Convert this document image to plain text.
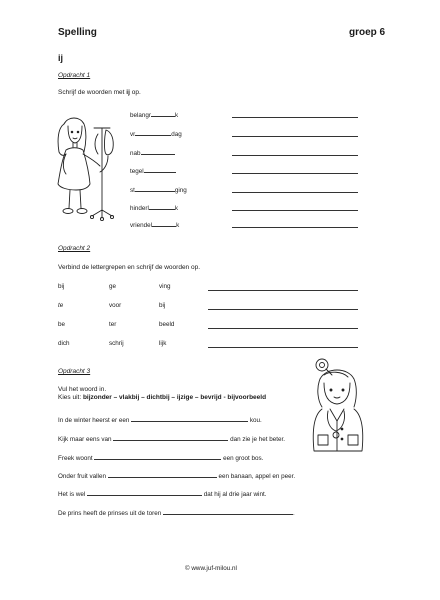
Spelling	groep 6
ij
Opdracht 1
Schrijf de woorden met ij op.
belangr	k
vr	dag
nab
tegel
st	ging
hinderl	k
vriendel	k
Opdracht 2
Verbind de lettergrepen en schrijf de woorden op.
bij	ge	ving
te	voor	bij
be	ter	beeld
dich	schrij	lijk
Opdracht 3
Vul het woord in.
Kies uit: bijzonder – vlakbij – dichtbij – ijzige – bevrijd - bijvoorbeeld
In de winter heerst er een	kou.
Kijk maar eens van	dan zie je het beter.
Freek woont	een groot bos.
Onder fruit vallen	een banaan, appel en peer.
Het is wel	dat hij al drie jaar wint.
De prins heeft de prinses uit de toren	.
© www.juf-milou.nl
